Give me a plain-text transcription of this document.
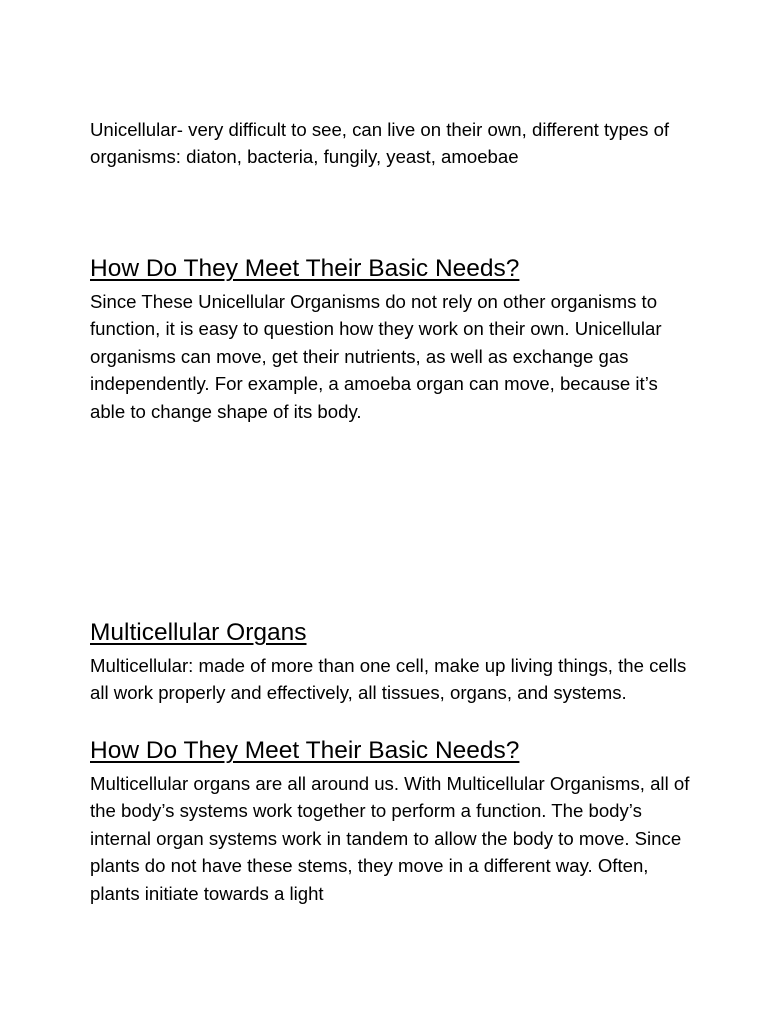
Unicellular- very difficult to see, can live on their own, different types of organisms: diaton, bacteria, fungily, yeast, amoebae

How Do They Meet Their Basic Needs?

Since These Unicellular Organisms do not rely on other organisms to function, it is easy to question how they work on their own. Unicellular organisms can move, get their nutrients, as well as exchange gas independently. For example, a amoeba organ can move, because it’s able to change shape of its body.

Multicellular Organs

Multicellular: made of more than one cell, make up living things, the cells all work properly and effectively, all tissues, organs, and systems.

How Do They Meet Their Basic Needs?

Multicellular organs are all around us. With Multicellular Organisms, all of the body’s systems work together to perform a function. The body’s internal organ systems work in tandem to allow the body to move. Since plants do not have these stems, they move in a different way. Often, plants initiate towards a light
